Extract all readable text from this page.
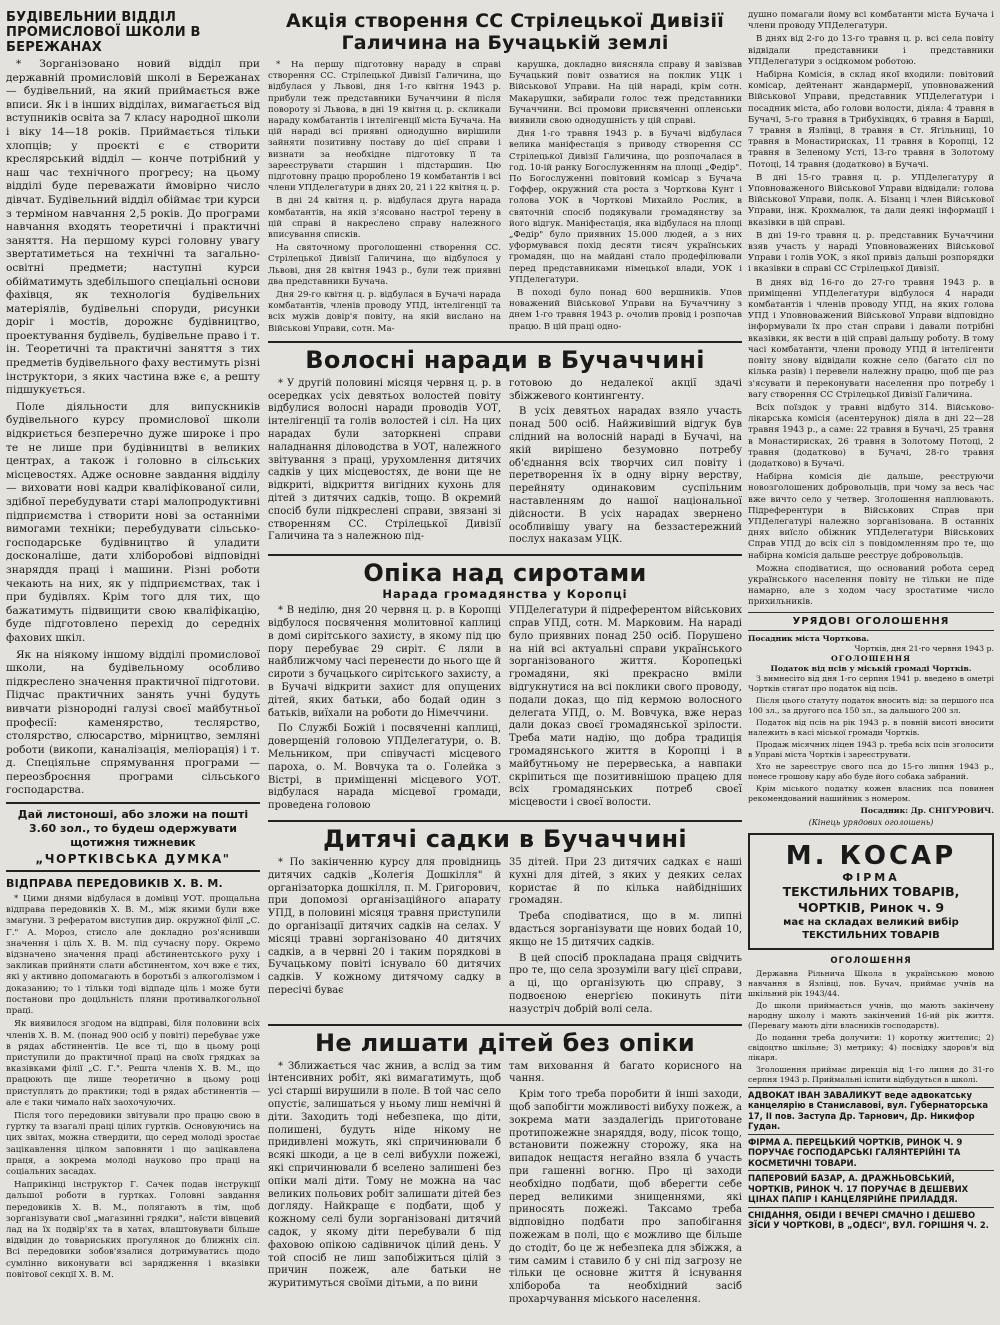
БУДІВЕЛЬНИЙ ВІДДІЛ ПРОМИСЛОВОЇ ШКОЛИ В БЕРЕЖАНАХ

* Зорганізовано новий відділ при державній промисловій школі в Бережанах — будівельний, на який приймається вже вписи. Як і в інших відділах, вимагається від вступників освіта за 7 класу народної школи і віку 14—18 років. Приймається тільки хлопців; у проєкті є є створити креслярський відділ — конче потрібний у наш час технічного прогресу; на цьому відділі буде переважати ймовірно число дівчат. Будівельний відділ обіймає три курси з терміном навчання 2,5 років. До програми навчання входять теоретичні і практичні заняття. На першому курсі головну увагу звертатиметься на технічні та загально-освітні предмети; наступні курси обійматимуть здебільшого спеціальні основи фахівця, як технологія будівельних матеріялів, будівельні споруди, рисунки доріг і мостів, дорожнє будівництво, проектування будівель, будівельне право і т. ін. Теоретичні та практичні заняття з тих предметів будівельного фаху вестимуть різні інструктори, з яких частина вже є, а решту підшукується.

Поле діяльности для випускників будівельного курсу промислової школи відкриється безперечно дуже широке і про те не лише при будівництві в великих центрах, а також і головно в сільських місцевостях. Адже основне завдання відділу — виховати нові кадри кваліфікованої сили, здібної перебудувати старі малопродуктивні підприємства і створити нові за останніми вимогами техніки; перебудувати сільсько-господарське будівництво й уладити досконаліше, дати хліборобові відповідні знаряддя праці і машини. Різні роботи чекають на них, як у підприємствах, так і при будівлях. Крім того для тих, що бажатимуть підвищити свою кваліфікацію, буде підготовлено перехід до середніх фахових шкіл.

Як на ніякому іншому відділі промислової школи, на будівельному особливо підкреслено значення практичної підготови. Підчас практичних занять учні будуть вивчати різнородні галузі своєї майбутньої професії: каменярство, теслярство, столярство, слюсарство, мірництво, земляні роботи (викопи, каналізація, меліорація) і т. д. Спеціяльне спрямування програми — переозброєння програми сільського господарства.

Дай листоноші, або зложи на пошті 3.60 зол., то будеш одержувати щотижня тижневик
„ЧОРТКІВСЬКА ДУМКА"
ВІДПРАВА ПЕРЕДОВИКІВ Х. В. М.

* Цими днями відбулася в домівці УОТ. прощальна відправа передовиків Х. В. М., між якими були вже змагуни. З рефератом виступив дир. окружної філії „С. Г." А. Мороз, стисло але докладно роз'яснивши значення і ціль Х. В. М. під сучасну пору. Окремо відзначено значення праці абстинентського руху і закликав прийняти слати абстинентом, хоч вже є тих, які у активно допомагають в боротьбі з алкоголізмом і доказанию; то і тільки тоді відпаде ціль і може бути постанови про доцільність пляни противалкогольної праці.

Як виявилося згодом на відправі, біля половини всіх членів Х. В. М. (понад 900 осіб у повіті) перебуває уже в рядах абстинентів. Це все ті, що в цьому році приступили до практичної праці на своїх грядках за вказівками філії „С. Г.". Решта членів Х. В. М., що працюють ще лише теоретично в цьому році приступлять до практики; тоді в рядах абстинентів — але є таки чимало наїх заохочуючих.

Після того передовики звітували про працю свою в гуртку та взагалі праці цілих гуртків. Основуючись на цих звітах, можна ствердити, що серед молоді зростає зацікавлення цілком заповняти і що зацікавлена праця, а зокрема молоді науково про праці на соціальних засадах.

Наприкінці інструктор Г. Сачек подав інструкції дальшої роботи в гуртках. Головні завдання передовиків Х. В. М., полягають в тім, щоб зорганізувати свої „магазинні грядки", наїсти вівцевий лад на їх подвір'ях та в хатах, влаштовувати більше відвідин до товариських прогулянок до ближніх сіл. Всі передовики зобов'язалися дотримуватись щодо сумлінно виконувати всі зарядження і вказівки повітової секції Х. В. М.

Акція створення СС Стрілецької Дивізії Галичина на Бучацькій землі

* На першу підготовну нараду в справі створення СС. Стрілецької Дивізії Галичина, що відбулася у Львові, дня 1-го квітня 1943 р. прибули теж представники Бучаччини й після повороту зі Львова, в дні 19 квітня ц. р. скликали нараду комбатантів і інтелігенції міста Бучача. На цій нараді всі приявні однодушно вирішили зайняти позитивну поставу до цієї справи і визнати за необхідне підготовку її та зареєструвати старшин і підстаршин. Цю підготовну працю пророблено 19 комбатантів і всі члени УПДелегатури в днях 20, 21 і 22 квітня ц. р.

В дні 24 квітня ц. р. відбулася друга нарада комбатантів, на якій з'ясовано настрої терену в цій справі й накреслено справу належного вписування списків.

На святочному проголошенні створення СС. Стрілецької Дивізії Галичина, що відбулося у Львові, дня 28 квітня 1943 р., були теж приявні два представники Бучача.

Дня 29-го квітня ц. р. відбулася в Бучачі нарада комбатантів, членів проводу УПД, інтелігенції та всіх мужів довір'я повіту, на якій вислано на Військові Управи, сотн. Ма-

карушка, докладно виясняла справу й завізвав Бучацький повіт озватися на поклик УЦК і Військової Управи. На цій нараді, крім сотн. Макарушки, забирали голос теж представники Бучаччини. Всі промови присвяченні опленськи виявили свою однодушність у цій справі.

Дня 1-го травня 1943 р. в Бучачі відбулася велика маніфестація з приводу створення СС Стрілецької Дивізії Галичина, що розпочалася в год. 10-ій ранку Богослуженням на площі „Федір". По Богослуженні повітовий комісар з Бучача Гоффер, окружний ста роста з Чорткова Кунт і голова УОК в Чорткові Михайло Рослик, в святочній спосіб подякували громадянству за його відгук. Маніфестація, яка відбулася на площі „Федір" було приявних 15.000 людей, а з них уформувався похід десяти тисяч українських громадян, що на майдані стало продефілювали перед представниками німецької влади, УОК і УПДелегатури.

В поході було понад 600 вершників. Упов новажений Військової Управи на Бучаччину з днем 1-го травня 1943 р. очолив провід і розпочав працю. В цій праці одно-

Волосні наради в Бучаччині

* У другій половині місяця червня ц. р. в осередках усіх девятьох волостей повіту відбулися волосні наради проводів УОТ, інтелігенції та голів волостей і сіл. На цих нарадах були заторкнені справи наладнання діловодства в УОТ, належного звітування з праці, урухомлення дитячих садків у цих місцевостях, де вони ще не відкриті, відкриття вигідних кухонь для дітей з дитячих садків, тощо. В окремий спосіб були підкреслені справи, звязані зі створенням СС. Стрілецької Дивізії Галичина та з належною під-

готовою до недалекої акції здачі збіжжевого контингенту.

В усіх девятьох нарадах взяло участь понад 500 осіб. Найживіший відгук був слідний на волосній нараді в Бучачі, на якій вирішено безумовно потребу об'єднання всіх творчих сил повіту і перетворення їх в одну вірну верству, перейняту одинаковим суспільним наставленням до нашої національної дійсности. В усіх нарадах звернено особливішу увагу на беззастережний послух наказам УЦК.

Опіка над сиротами
Нарада громадянства у Коропці

* В неділю, дня 20 червня ц. р. в Коропці відбулося посвячення молитовної каплиці в домі сирітського захисту, в якому під цю пору перебуває 29 сиріт. Є ляли в найближчому часі перенести до нього ще й сироти з бучацького сирітського захисту, а в Бучачі відкрити захист для опущених дітей, яких батьки, або бодай один з батьків, виїхали на роботи до Німеччини.

По Службі Божій і посвяченні каплиці, доверщеній головою УПДелегатури, о. В. Мельником, при співучасті місцевого пароха, о. М. Вовчука та о. Голейка з Вістрі, в приміщенні місцевого УОТ. відбулася нарада місцевої громади, проведена головою

УПДелегатури й підреферентом військових справ УПД, сотн. М. Марковим. На нараді було приявних понад 250 осіб. Порушено на ній всі актуальні справи українського зорганізованого життя. Коропецькі громадяни, які прекрасно вміли відгукнутися на всі поклики свого проводу, подали доказ, що під кермою волосного делегата УПД, о. М. Вовчука, вже нераз дали доказ своєї громадянської зрілости. Треба мати надію, що добра традиція громадянського життя в Коропці і в майбутньому не перервеська, а навпаки скріпиться ще позитивнішою працею для всіх громадянських потреб своєї місцевости і своєї волости.

Дитячі садки в Бучаччині

* По закінченню курсу для провідниць дитячих садків „Колегія Дошкілля" й організаторка дошкілля, п. М. Григорович, при допомозі організаційного апарату УПД, в половині місяця травня приступили до організації дитячих садків на селах. У місяці травні зорганізовано 40 дитячих садків, а в червні 20 і таким порядкові в Бучацькому повіті існувало 60 дитячих садків. У кожному дитячому садку в пересічі буває

35 дітей. При 23 дитячих садках є наші кухні для дітей, з яких у деяких селах користає й по кілька найбідніших громадян.

Треба сподіватися, що в м. липні вдасться зорганізувати ще нових бодай 10, якщо не 15 дитячих садків.

В цей спосіб прокладана праця свідчить про те, що села зрозуміли вагу цієї справи, а ці, що організують цю справу, з подвоєною енергією покинуть піти назустріч добрій волі села.

Не лишати дітей без опіки

* Зближається час жнив, а вслід за тим інтенсивних робіт, які вимагатимуть, щоб усі старші вирушили в поле. В той час село опустіє, залишаться у ньому лиш немічні й діти. Заходить тоді небезпека, що діти, полишені, будуть ніде нікому не придивлені можуть, які спричинювали б всякі шкоди, а це в селі вибухли пожежі, які спричинювали б вселено залишені без опіки малі діти. Тому не можна на час великих польових робіт залишати дітей без догляду. Найкраще є подбати, щоб у кожному селі були зорганізовані дитячий садок, у якому діти перебували б під фаховою опікою садівничок цілий день. У той спосіб не лиш запобіжиться цілій з причин пожеж, але батьки не журитимуться своїми дітьми, а по вини

там виховання й багато корисного на чання.

Крім того треба поробити й інші заходи, щоб запобігти можливості вибуху пожеж, а зокрема мати заздалегідь приготоване протипожежне знаряддя, воду, пісок тощо, встановити пожежну сторожу, яка на випадок нещастя негайно взяла б участь при гашенні вогню. Про ці заходи необхідно подбати, щоб вберегти себе перед великими знищеннями, які приносять пожежі. Таксамо треба відповідно подбати про запобігання пожежам в полі, що є можливо ще більше до стодіт, бо це ж небезпека для збіжжя, а тим самим і ставило б у сні під загрозу не тільки це основне життя й існування хлібороба та необхідний засіб прохарчування міського населення.

душно помагали йому всі комбатанти міста Бучача і члени проводу УПДелегатури.

В днях від 2-го до 13-го травня ц. р. всі села повіту відвідали представники і представники УПДелегатури з осідкомом роботою.

Набірна Комісія, в склад якої входили: повітовий комісар, дейтенант жандармерії, уповноважений Військової Управи, представник УПДелегатури і посадник міста, або голови волости, діяла: 4 травня в Бучачі, 5-го травня в Трибухівцях, 6 травня в Барші, 7 травня в Язлівці, 8 травня в Ст. Ягільниці, 10 травня в Монастирисках, 11 травня в Коропці, 12 травня в Зеленому Усті, 13-го травня в Золотому Потоці, 14 травня (додатково) в Бучачі.

В дні 15-го травня ц. р. УПДелегатуру й Уповноваженого Військової Управи відвідали: голова Військової Управи, полк. А. Бізанц і член Військової Управи, інж. Крохмалюк, та дали деякі інформації і вказівки в цій справі.

В дні 19-го травня ц. р. представник Бучаччини взяв участь у нараді Уповноважених Військової Управи і голів УОК, з якої привіз дальші розпорядки і вказівки в справі СС Стрілецької Дивізії.

В днях від 16-го до 27-го травня 1943 р. в приміщенні УПДелегатури відбулося 4 наради комбатантів і членів проводу УПД, на яких голова УПД і Уповноважений Військової Управи відповідно інформували їх про стан справи і давали потрібні вказівки, як вести в цій справі дальшу роботу. В тому часі комбатанти, члени проводу УПД й інтелігенти повіту знову відвідали кожне село (багато сіл по кілька разів) і перевели належну працю, щоб ще раз з'ясувати й переконувати населення про потребу і вагу створення СС Стрілецької Дивізії Галичина.

Всіх поїздок у травні відбуто 314. Військово-лікарська комісія (асентерунок) діяла в дні 22—28 травня 1943 р., а саме: 22 травня в Бучачі, 25 травня в Монастирисках, 26 травня в Золотому Потоці, 2 травня (додатково) в Бучачі, 28-го травня (додатково) в Бучачі.

Набірна комісія діє дальше, реєструючи новозголошених добровольців, при чому за весь час вже вичто село у четвер. Зголошення наплювають. Підреферентури в Військових Справ при УПДелегатурі належно зорганізована. В останніх днях виїсло обіжник УПДелегатури Військових Справ УПД до всіх сіл з повідомленням про те, що набірна комісія дальше реєструє добровольців.

Можна сподіватися, що оснований робота серед українського населення повіту не тільки не піде намарно, але з ходом часу зростатиме число прихильників.

УРЯДОВІ ОГОЛОШЕННЯ
Посадник міста Чорткова.
Чортків, дня 21-го червня 1943 р.
ОГОЛОШЕННЯ
Податок від псів у міській громаді Чортків.

З вимнесіто від дня 1-го серпня 1941 р. введено в ометрі Чортків стягат про податок від псів.

Після цього статуту податок вносить від: за першого пса 100 зл., за другого пса 150 зл., за дальшого 200 зл.

Податок від псів на рік 1943 р. в повній висоті вносити належить в касі міської громади Чортків.

Продаж місячних ліцен 1943 р. треба всіх псів зголосити в Управі міста Чортків і зареєструвати.

Хто не зареєструє свого пса до 15-го липня 1943 р., понесе грошову кару або буде його собака забраний.

Крім міського податку кожен власник пса повинен рекомендований нашийник з номером.

Посадник: Др. СНІГУРОВИЧ.
(Кінець урядових оголошень)
М. КОСАР
ФІРМА
ТЕКСТИЛЬНИХ ТОВАРІВ,
ЧОРТКІВ, Ринок ч. 9
має на складах великий вибір
ТЕКСТИЛЬНИХ ТОВАРІВ
ОГОЛОШЕННЯ

Державна Рільнича Школа в українською мовою навчання в Язлівці, пов. Бучач, приймає учнів на шкільний рік 1943/44.

До школи приймається учнів, що мають закінчену народну школу і мають закінчений 16-ий рік життя. (Перевагу мають діти власників господарств).

До подання треба долучити: 1) коротку життєпис; 2) свідоцтво шкільне; 3) метрику; 4) посвідку здоров'я від лікаря.

Зголошення приймає дирекція від 1-го липня до 31-го серпня 1943 р. Приймальні іспити відбудуться в школі.

АДВОКАТ ІВАН ЗАВАЛИКУТ веде адвокатську канцелярію в Станиславові, вул. Губернаторська 17, II пов. Заступа Др. Тарнович, Др. Никифор Гудан.
ФІРМА А. ПЕРЕЦЬКИЙ ЧОРТКІВ, РИНОК Ч. 9 ПОРУЧАЄ ГОСПОДАРСЬКІ ГАЛЯНТЕРІЙНІ ТА КОСМЕТИЧНІ ТОВАРИ.
ПАПЕРОВИЙ БАЗАР, А. ДРАЖНЬОВСЬКИЙ, ЧОРТКІВ, РИНОК Ч. 17 ПОРУЧАЄ В ДЕШЕВИХ ЦІНАХ ПАПІР І КАНЦЕЛЯРІЙНЕ ПРИЛАДДЯ.
СНІДАННЯ, ОБІДИ І ВЕЧЕРІ СМАЧНО І ДЕШЕВО ЗЇСИ У ЧОРТКОВІ, В „ОДЕСІ", ВУЛ. ГОРІШНЯ Ч. 2.
